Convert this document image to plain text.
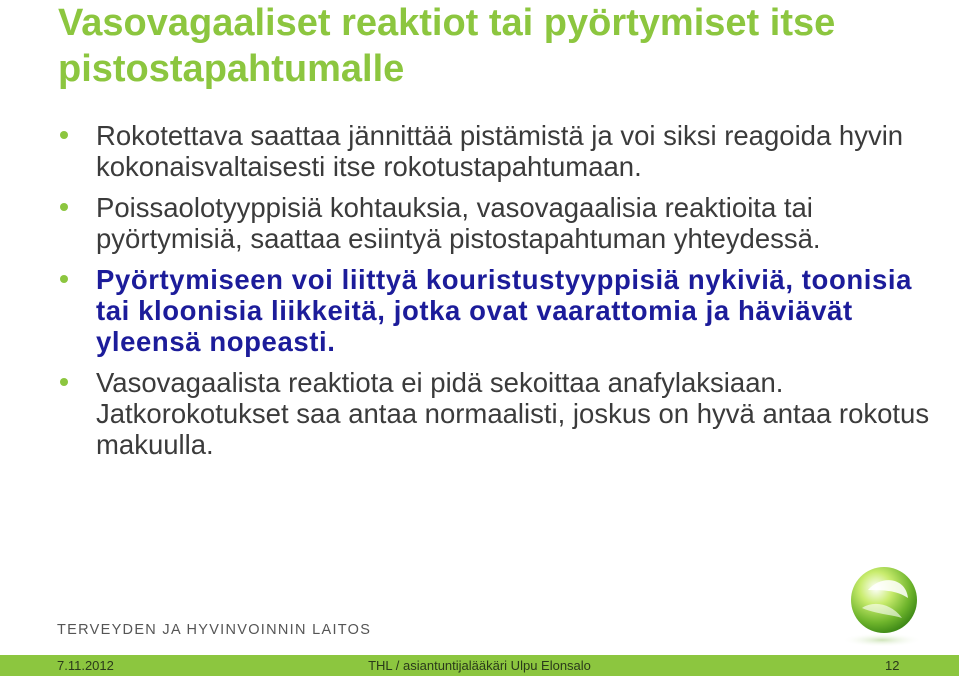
Vasovagaaliset reaktiot tai pyörtymiset itse pistostapahtumalle
Rokotettava saattaa jännittää pistämistä ja voi siksi reagoida hyvin kokonaisvaltaisesti itse rokotustapahtumaan.
Poissaolotyyppisiä kohtauksia, vasovagaalisia reaktioita tai pyörtymisiä, saattaa esiintyä pistostapahtuman yhteydessä.
Pyörtymiseen voi liittyä kouristustyyppisiä nykiviä, toonisia tai kloonisia liikkeitä, jotka ovat vaarattomia ja häviävät yleensä nopeasti.
Vasovagaalista reaktiota ei pidä sekoittaa anafylaksiaan. Jatkorokotukset saa antaa normaalisti, joskus on hyvä antaa rokotus makuulla.
TERVEYDEN JA HYVINVOINNIN LAITOS
7.11.2012	THL / asiantuntijalääkäri Ulpu Elonsalo	12
